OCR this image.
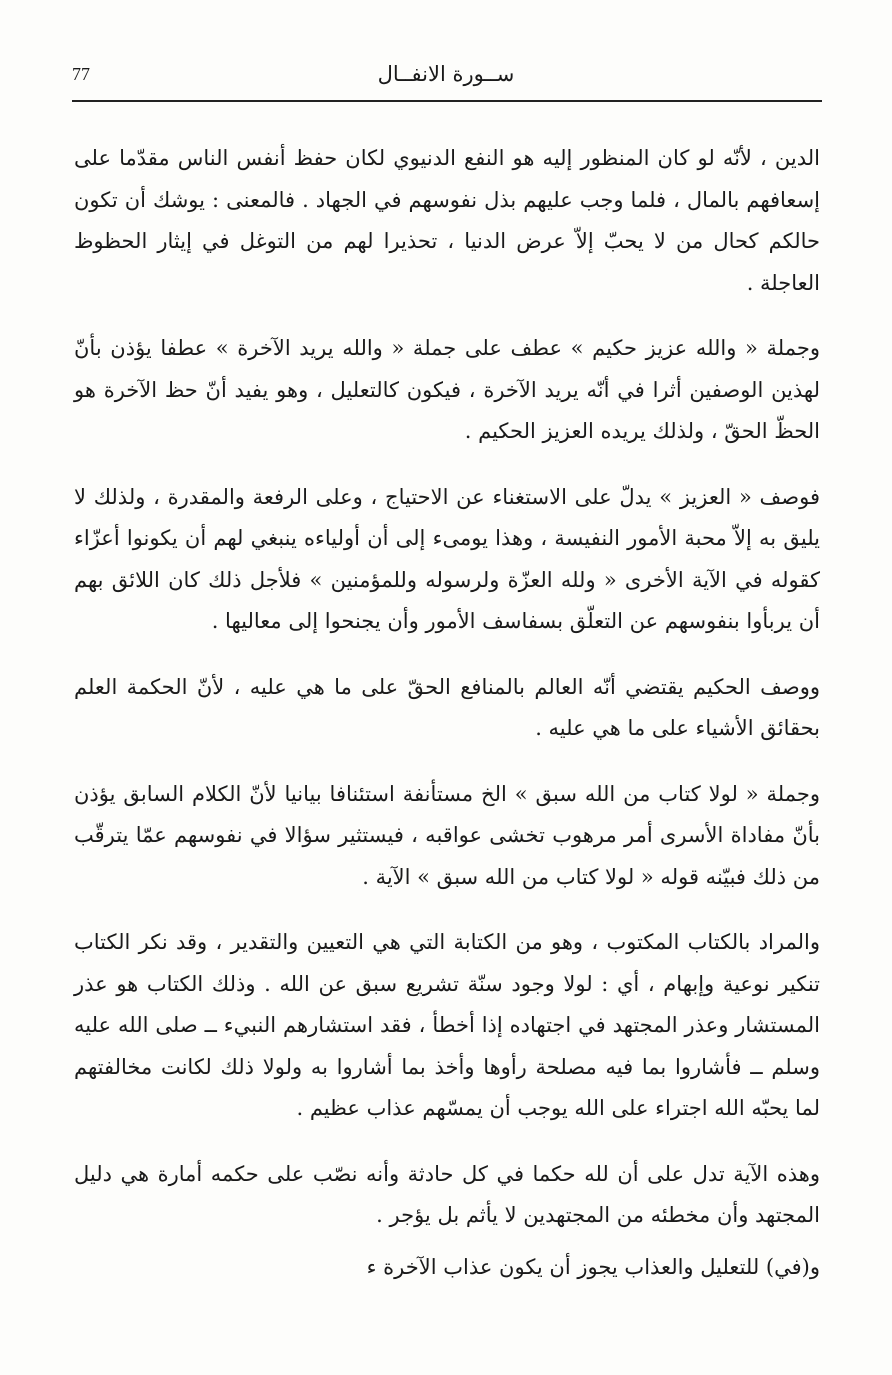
77	ســورة الانفــال

الدين ، لأنّه لو كان المنظور إليه هو النفع الدنيوي لكان حفظ أنفس الناس مقدّما على إسعافهم بالمال ، فلما وجب عليهم بذل نفوسهم في الجهاد . فالمعنى : يوشك أن تكون حالكم كحال من لا يحبّ إلاّ عرض الدنيا ، تحذيرا لهم من التوغل في إيثار الحظوظ العاجلة .

وجملة « والله عزيز حكيم » عطف على جملة « والله يريد الآخرة » عطفا يؤذن بأنّ لهذين الوصفين أثرا في أنّه يريد الآخرة ، فيكون كالتعليل ، وهو يفيد أنّ حظ الآخرة هو الحظّ الحقّ ، ولذلك يريده العزيز الحكيم .

فوصف « العزيز » يدلّ على الاستغناء عن الاحتياج ، وعلى الرفعة والمقدرة ، ولذلك لا يليق به إلاّ محبة الأمور النفيسة ، وهذا يومىء إلى أن أولياءه ينبغي لهم أن يكونوا أعزّاء كقوله في الآية الأخرى « ولله العزّة ولرسوله وللمؤمنين » فلأجل ذلك كان اللائق بهم أن يربأوا بنفوسهم عن التعلّق بسفاسف الأمور وأن يجنحوا إلى معاليها .

ووصف الحكيم يقتضي أنّه العالم بالمنافع الحقّ على ما هي عليه ، لأنّ الحكمة العلم بحقائق الأشياء على ما هي عليه .

وجملة « لولا كتاب من الله سبق » الخ مستأنفة استئنافا بيانيا لأنّ الكلام السابق يؤذن بأنّ مفاداة الأسرى أمر مرهوب تخشى عواقبه ، فيستثير سؤالا في نفوسهم عمّا يترقّب من ذلك فبيّنه قوله « لولا كتاب من الله سبق » الآية .

والمراد بالكتاب المكتوب ، وهو من الكتابة التي هي التعيين والتقدير ، وقد نكر الكتاب تنكير نوعية وإبهام ، أي : لولا وجود سنّة تشريع سبق عن الله . وذلك الكتاب هو عذر المستشار وعذر المجتهد في اجتهاده إذا أخطأ ، فقد استشارهم النبيء ــ صلى الله عليه وسلم ــ فأشاروا بما فيه مصلحة رأوها وأخذ بما أشاروا به ولولا ذلك لكانت مخالفتهم لما يحبّه الله اجتراء على الله يوجب أن يمسّهم عذاب عظيم .

وهذه الآية تدل على أن لله حكما في كل حادثة وأنه نصّب على حكمه أمارة هي دليل المجتهد وأن مخطئه من المجتهدين لا يأثم بل يؤجر .

و(في) للتعليل والعذاب يجوز أن يكون عذاب الآخرة ء
